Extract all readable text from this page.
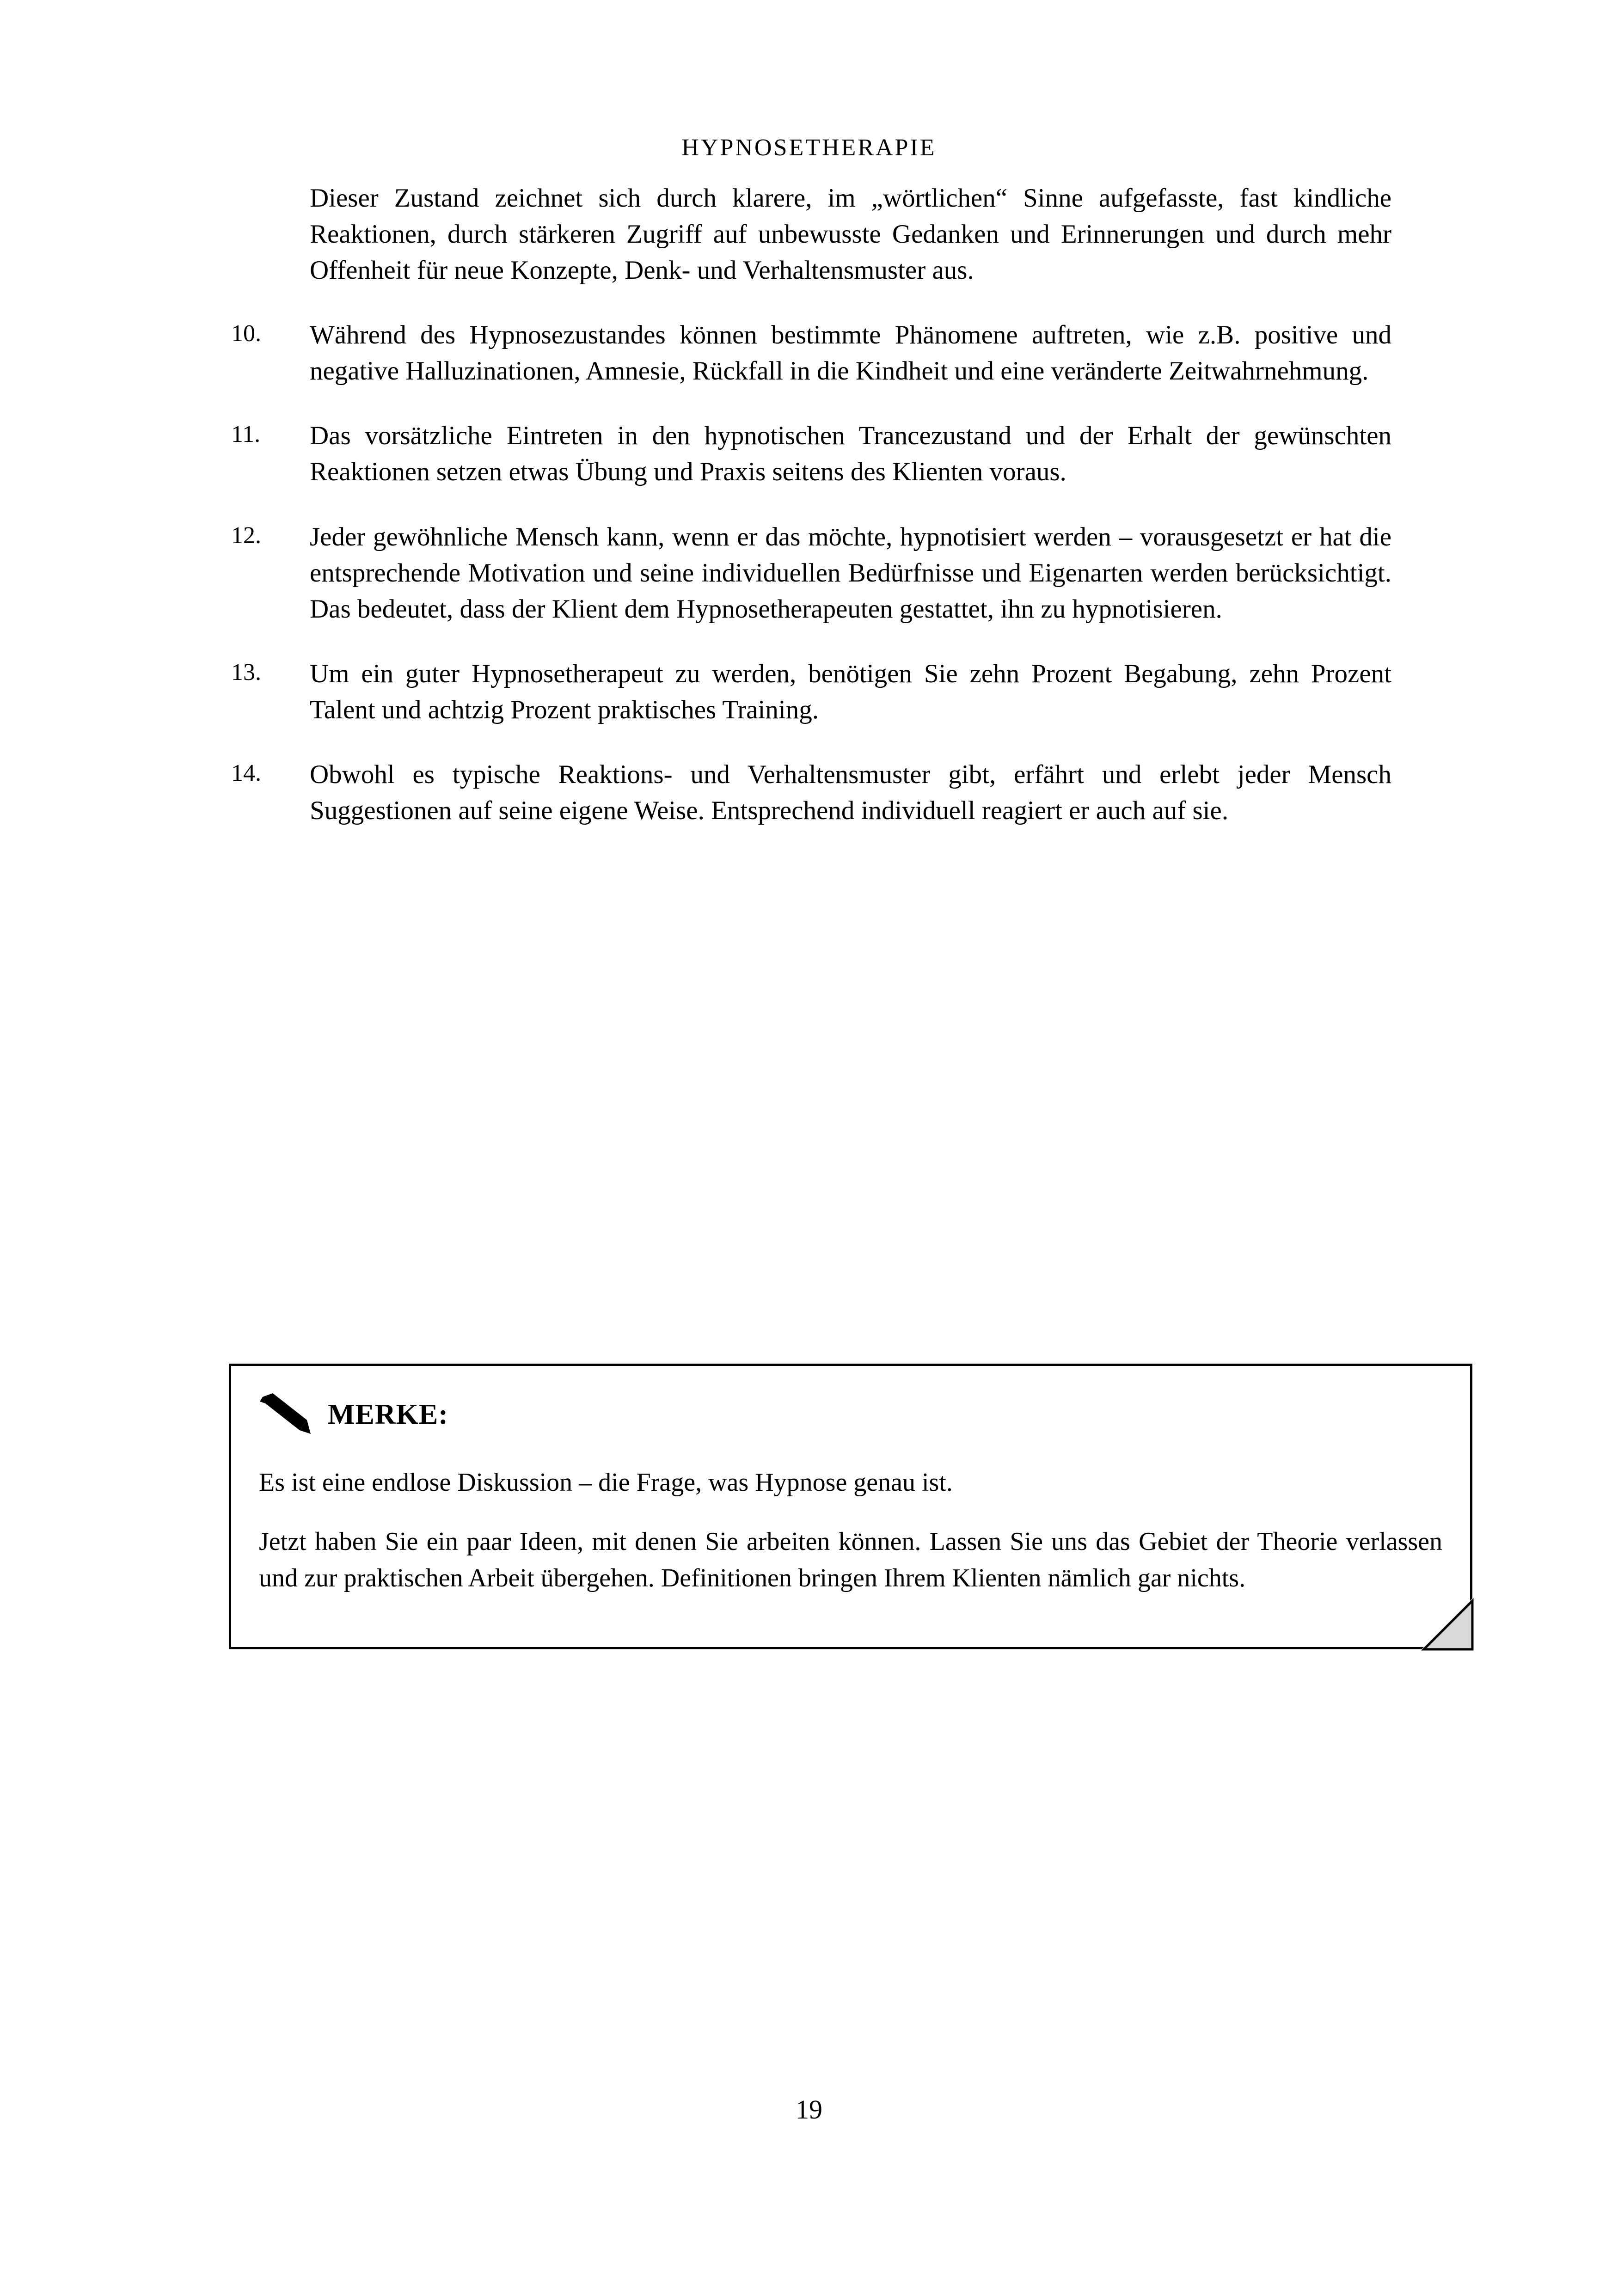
HYPNOSETHERAPIE

Dieser Zustand zeichnet sich durch klarere, im „wörtlichen“ Sinne aufgefasste, fast kindliche Reaktionen, durch stärkeren Zugriff auf unbewusste Gedanken und Erinnerungen und durch mehr Offenheit für neue Konzepte, Denk- und Verhaltensmuster aus.

10.	Während des Hypnosezustandes können bestimmte Phänomene auftreten, wie z.B. positive und negative Halluzinationen, Amnesie, Rückfall in die Kindheit und eine veränderte Zeitwahrnehmung.
11.	Das vorsätzliche Eintreten in den hypnotischen Trancezustand und der Erhalt der gewünschten Reaktionen setzen etwas Übung und Praxis seitens des Klienten voraus.
12.	Jeder gewöhnliche Mensch kann, wenn er das möchte, hypnotisiert werden – vorausgesetzt er hat die entsprechende Motivation und seine individuellen Bedürfnisse und Eigenarten werden berücksichtigt. Das bedeutet, dass der Klient dem Hypnosetherapeuten gestattet, ihn zu hypnotisieren.
13.	Um ein guter Hypnosetherapeut zu werden, benötigen Sie zehn Prozent Begabung, zehn Prozent Talent und achtzig Prozent praktisches Training.
14.	Obwohl es typische Reaktions- und Verhaltensmuster gibt, erfährt und erlebt jeder Mensch Suggestionen auf seine eigene Weise. Entsprechend individuell reagiert er auch auf sie.
MERKE:

Es ist eine endlose Diskussion – die Frage, was Hypnose genau ist.

Jetzt haben Sie ein paar Ideen, mit denen Sie arbeiten können. Lassen Sie uns das Gebiet der Theorie verlassen und zur praktischen Arbeit übergehen. Definitionen bringen Ihrem Klienten nämlich gar nichts.

19
